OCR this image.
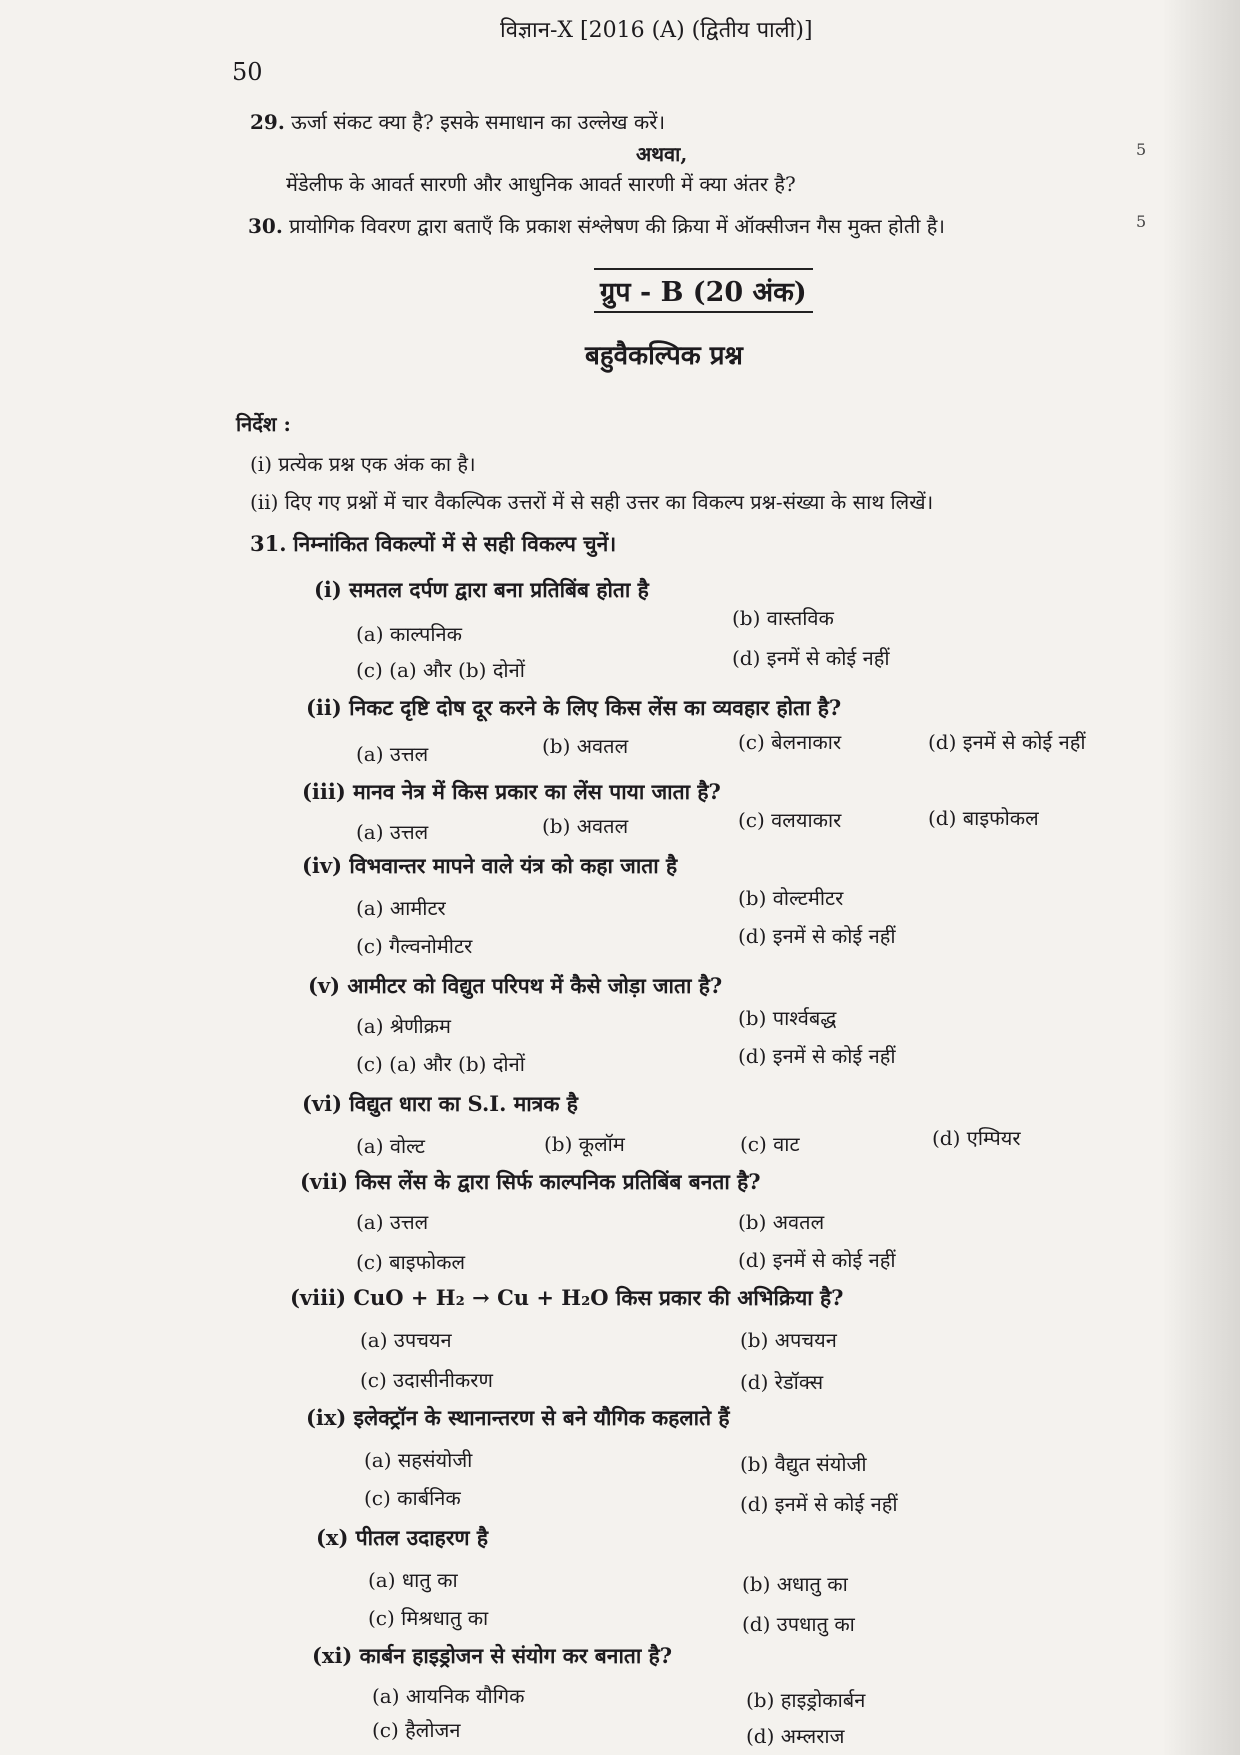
50
विज्ञान-X [2016 (A) (द्वितीय पाली)]
29. ऊर्जा संकट क्या है? इसके समाधान का उल्लेख करें।
5
अथवा,
मेंडेलीफ के आवर्त सारणी और आधुनिक आवर्त सारणी में क्या अंतर है?
30. प्रायोगिक विवरण द्वारा बताएँ कि प्रकाश संश्लेषण की क्रिया में ऑक्सीजन गैस मुक्त होती है।	5
ग्रुप - B (20 अंक)
बहुवैकल्पिक प्रश्न
निर्देश :
(i) प्रत्येक प्रश्न एक अंक का है।
(ii) दिए गए प्रश्नों में चार वैकल्पिक उत्तरों में से सही उत्तर का विकल्प प्रश्न-संख्या के साथ लिखें।
31. निम्नांकित विकल्पों में से सही विकल्प चुनें।
(i) समतल दर्पण द्वारा बना प्रतिबिंब होता है
(a) काल्पनिक
(b) वास्तविक
(c) (a) और (b) दोनों	(d) इनमें से कोई नहीं
(ii) निकट दृष्टि दोष दूर करने के लिए किस लेंस का व्यवहार होता है?
(a) उत्तल	(b) अवतल	(c) बेलनाकार	(d) इनमें से कोई नहीं
(iii) मानव नेत्र में किस प्रकार का लेंस पाया जाता है?
(a) उत्तल	(b) अवतल	(c) वलयाकार	(d) बाइफोकल
(iv) विभवान्तर मापने वाले यंत्र को कहा जाता है
(a) आमीटर	(b) वोल्टमीटर
(c) गैल्वनोमीटर	(d) इनमें से कोई नहीं
(v) आमीटर को विद्युत परिपथ में कैसे जोड़ा जाता है?
(a) श्रेणीक्रम	(b) पार्श्वबद्ध
(c) (a) और (b) दोनों	(d) इनमें से कोई नहीं
(vi) विद्युत धारा का S.I. मात्रक है
(a) वोल्ट	(b) कूलॉम	(c) वाट	(d) एम्पियर
(vii) किस लेंस के द्वारा सिर्फ काल्पनिक प्रतिबिंब बनता है?
(a) उत्तल	(b) अवतल
(c) बाइफोकल	(d) इनमें से कोई नहीं
(viii) CuO + H₂ → Cu + H₂O किस प्रकार की अभिक्रिया है?
(a) उपचयन	(b) अपचयन
(c) उदासीनीकरण	(d) रेडॉक्स
(ix) इलेक्ट्रॉन के स्थानान्तरण से बने यौगिक कहलाते हैं
(a) सहसंयोजी	(b) वैद्युत संयोजी
(c) कार्बनिक	(d) इनमें से कोई नहीं
(x) पीतल उदाहरण है
(a) धातु का	(b) अधातु का
(c) मिश्रधातु का	(d) उपधातु का
(xi) कार्बन हाइड्रोजन से संयोग कर बनाता है?
(a) आयनिक यौगिक	(b) हाइड्रोकार्बन
(c) हैलोजन	(d) अम्लराज
